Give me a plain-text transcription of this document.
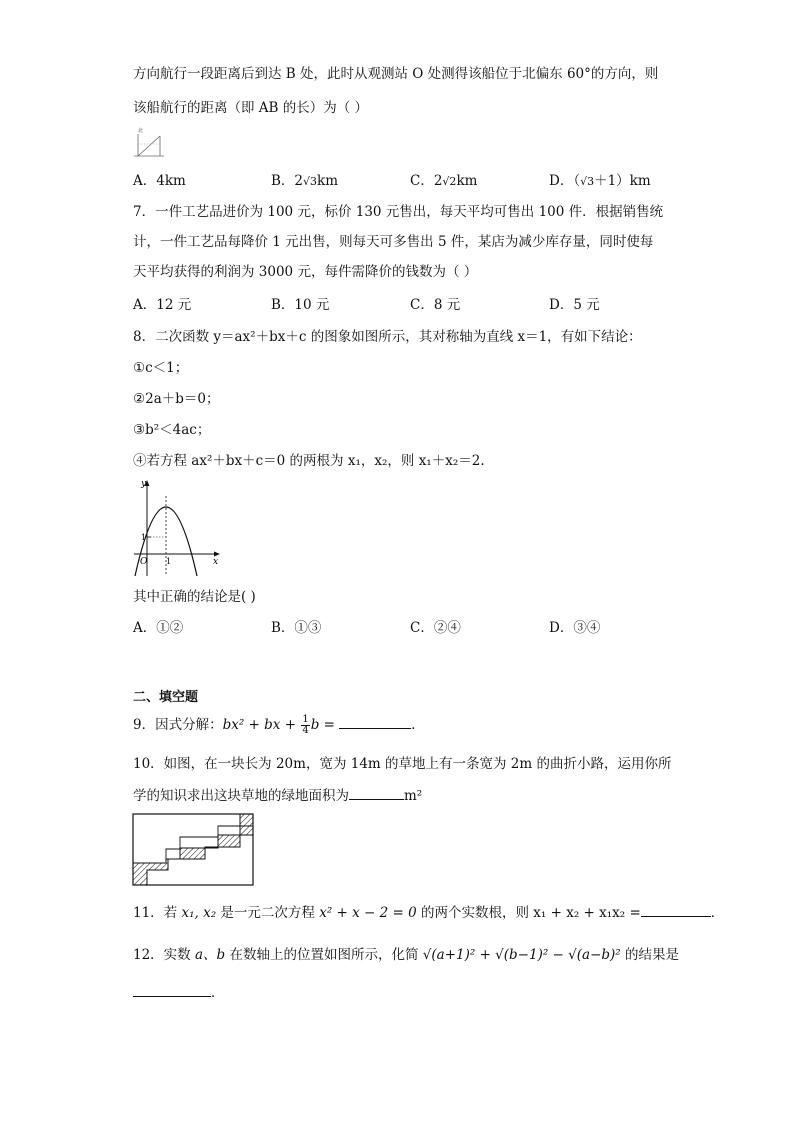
方向航行一段距离后到达 B 处，此时从观测站 O 处测得该船位于北偏东 60°的方向，则
该船航行的距离（即 AB 的长）为（ ）
北
A．4km	B．2√3km	C．2√2km	D．（√3＋1）km
7．一件工艺品进价为 100 元，标价 130 元售出，每天平均可售出 100 件．根据销售统
计，一件工艺品每降价 1 元出售，则每天可多售出 5 件，某店为减少库存量，同时使每
天平均获得的利润为 3000 元，每件需降价的钱数为（ ）
A．12 元	B．10 元	C．8 元	D．5 元
8．二次函数 y＝ax²＋bx＋c 的图象如图所示，其对称轴为直线 x＝1，有如下结论：
①c＜1；
②2a＋b＝0；
③b²＜4ac；
④若方程 ax²＋bx＋c＝0 的两根为 x₁，x₂，则 x₁＋x₂＝2.
y
x
O
1
1
其中正确的结论是( )
A．①②	B．①③	C．②④	D．③④
二、填空题
9．因式分解：bx² + bx + $\frac{1}{4}$ b =	．
10．如图，在一块长为 20m，宽为 14m 的草地上有一条宽为 2m 的曲折小路，运用你所
学的知识求出这块草地的绿地面积为	m²
11．若 x₁, x₂ 是一元二次方程 x² + x − 2 = 0 的两个实数根，则 x₁ + x₂ + x₁x₂ =	．
12．实数 a、b 在数轴上的位置如图所示，化简 √(a+1)² + √(b−1)² − √(a−b)² 的结果是
．
